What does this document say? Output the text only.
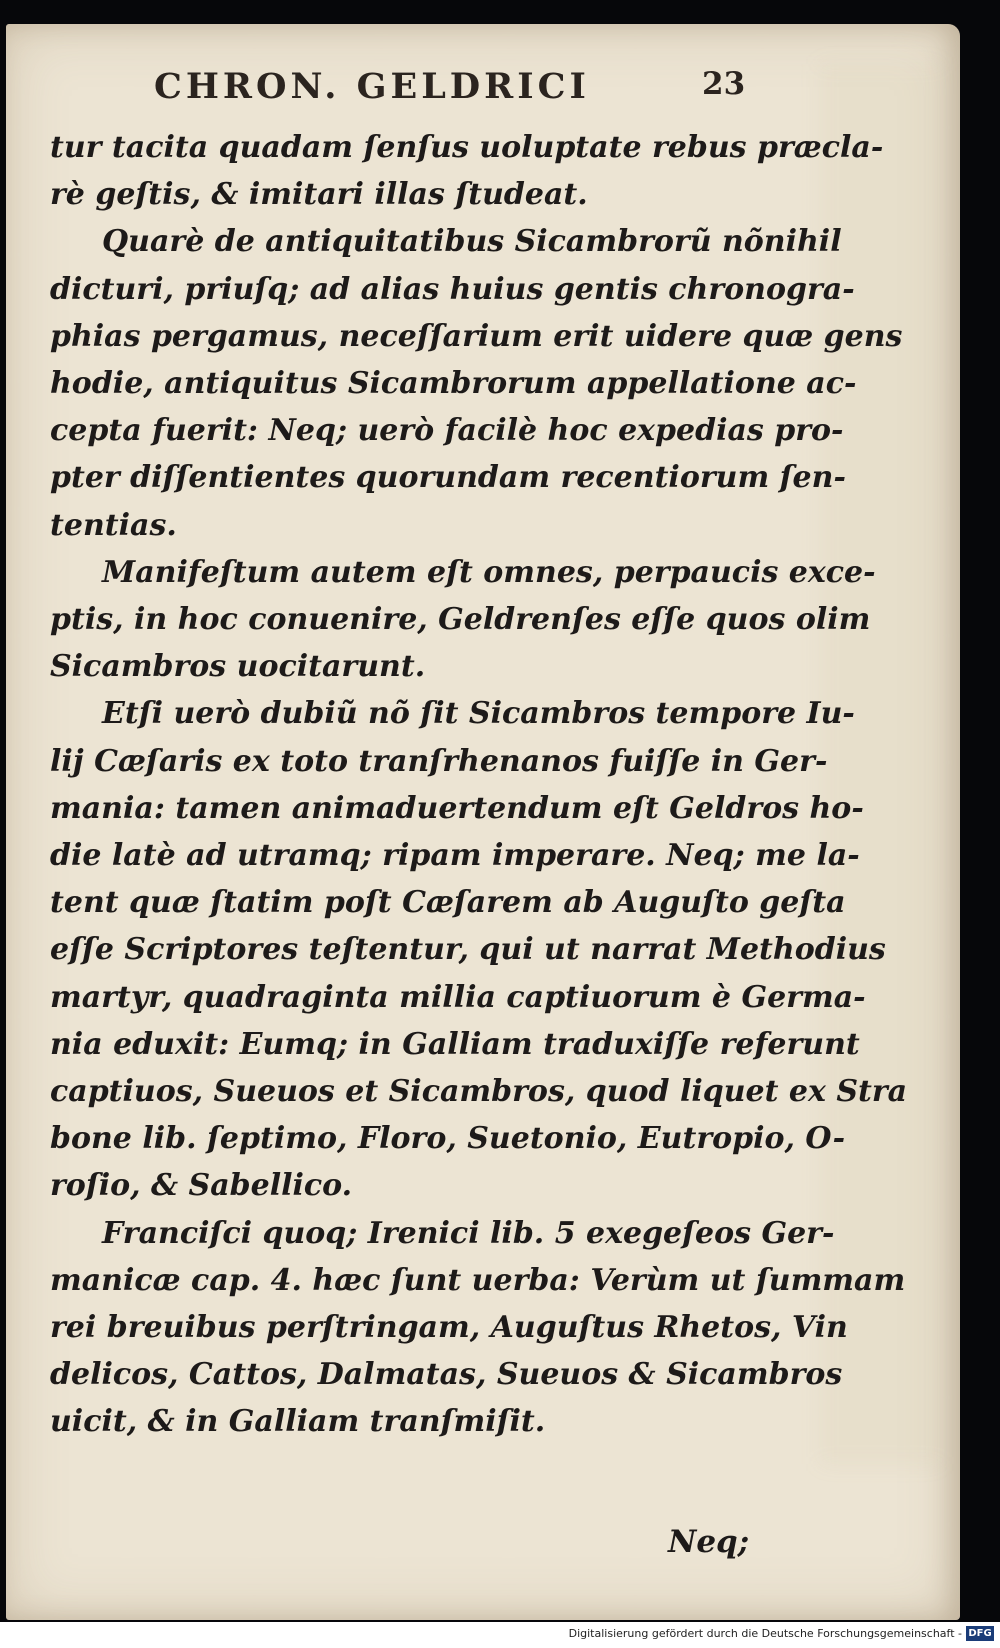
CHRON. GELDRICI	23
tur tacita quadam ſenſus uoluptate rebus præcla-
rè geſtis, & imitari illas ſtudeat.
Quarè de antiquitatibus Sicambrorũ nõnihil
dicturi, priuſq; ad alias huius gentis chronogra-
phias pergamus, neceſſarium erit uidere quæ gens
hodie, antiquitus Sicambrorum appellatione ac-
cepta fuerit: Neq; uerò facilè hoc expedias pro-
pter diſſentientes quorundam recentiorum ſen-
tentias.
Manifeſtum autem eſt omnes, perpaucis exce-
ptis, in hoc conuenire, Geldrenſes eſſe quos olim
Sicambros uocitarunt.
Etſi uerò dubiũ nõ ſit Sicambros tempore Iu-
lij Cæſaris ex toto tranſrhenanos fuiſſe in Ger-
mania: tamen animaduertendum eſt Geldros ho-
die latè ad utramq; ripam imperare. Neq; me la-
tent quæ ſtatim poſt Cæſarem ab Auguſto geſta
eſſe Scriptores teſtentur, qui ut narrat Methodius
martyr, quadraginta millia captiuorum è Germa-
nia eduxit: Eumq; in Galliam traduxiſſe referunt
captiuos, Sueuos et Sicambros, quod liquet ex Stra
bone lib. ſeptimo, Floro, Suetonio, Eutropio, O-
roſio, & Sabellico.
Franciſci quoq; Irenici lib. 5 exegeſeos Ger-
manicæ cap. 4. hæc ſunt uerba: Verùm ut ſummam
rei breuibus perſtringam, Auguſtus Rhetos, Vin
delicos, Cattos, Dalmatas, Sueuos & Sicambros
uicit, & in Galliam tranſmiſit.
Neq;
Digitalisierung gefördert durch die Deutsche Forschungsgemeinschaft - DFG
